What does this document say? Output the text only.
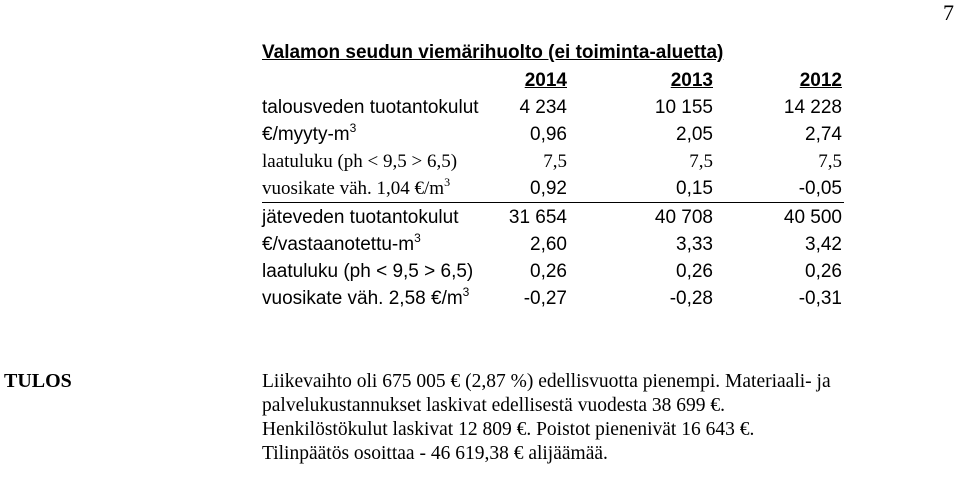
7
Valamon seudun viemärihuolto (ei toiminta-aluetta)
2014	2013	2012
talousveden tuotantokulut 4 234	10 155	14 228
$€/myyty-m^3$	0,96	2,05	2,74
laatuluku (ph < 9,5 > 6,5)	7,5	7,5	7,5
vuosikate väh. 1,04 $€/m^3$	0,92	0,15	-0,05
jäteveden tuotantokulut	31 654	40 708	40 500
$€/vastaanotettu-m^3$	2,60	3,33	3,42
laatuluku (ph < 9,5 > 6,5)	0,26	0,26	0,26
vuosikate väh. 2,58 $€/m^3$	-0,27	-0,28	-0,31
TULOS	Liikevaihto oli 675 005 € (2,87 %) edellisvuotta pienempi. Materiaali- ja
palvelukustannukset laskivat edellisestä vuodesta 38 699 €.
Henkilöstökulut laskivat 12 809 €. Poistot pienenivät 16 643 €.
Tilinpäätös osoittaa - 46 619,38 € alijäämää.
